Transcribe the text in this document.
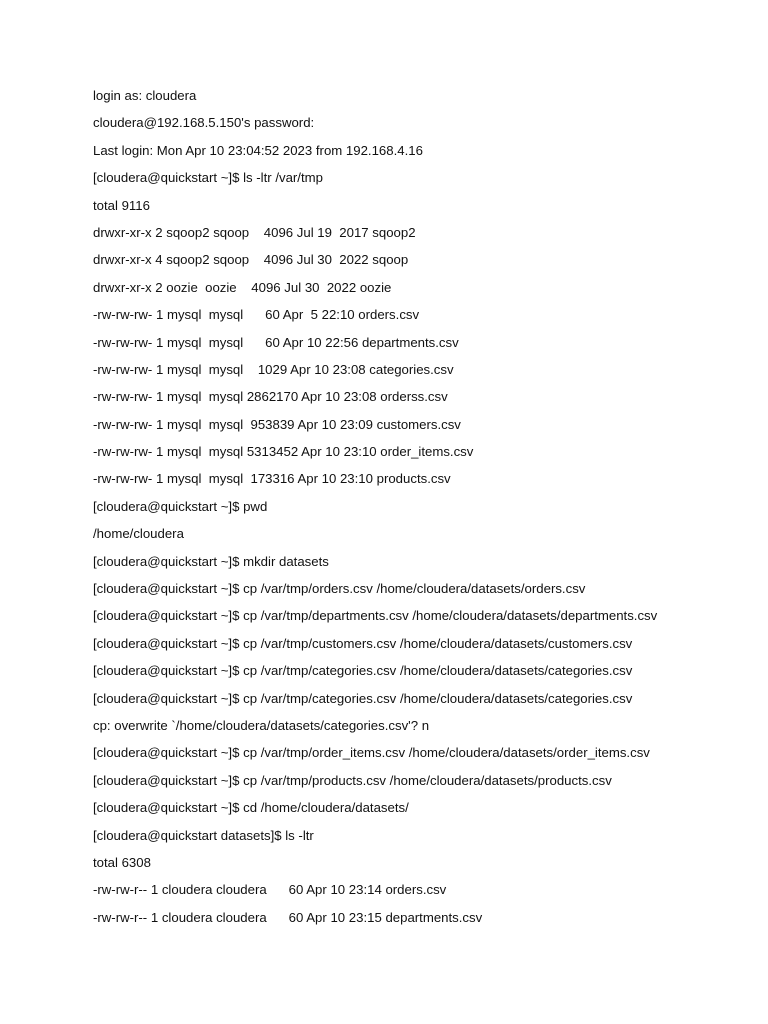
login as: cloudera
cloudera@192.168.5.150's password:
Last login: Mon Apr 10 23:04:52 2023 from 192.168.4.16
[cloudera@quickstart ~]$ ls -ltr /var/tmp
total 9116
drwxr-xr-x 2 sqoop2 sqoop    4096 Jul 19  2017 sqoop2
drwxr-xr-x 4 sqoop2 sqoop    4096 Jul 30  2022 sqoop
drwxr-xr-x 2 oozie  oozie    4096 Jul 30  2022 oozie
-rw-rw-rw- 1 mysql  mysql      60 Apr  5 22:10 orders.csv
-rw-rw-rw- 1 mysql  mysql      60 Apr 10 22:56 departments.csv
-rw-rw-rw- 1 mysql  mysql    1029 Apr 10 23:08 categories.csv
-rw-rw-rw- 1 mysql  mysql 2862170 Apr 10 23:08 orderss.csv
-rw-rw-rw- 1 mysql  mysql  953839 Apr 10 23:09 customers.csv
-rw-rw-rw- 1 mysql  mysql 5313452 Apr 10 23:10 order_items.csv
-rw-rw-rw- 1 mysql  mysql  173316 Apr 10 23:10 products.csv
[cloudera@quickstart ~]$ pwd
/home/cloudera
[cloudera@quickstart ~]$ mkdir datasets
[cloudera@quickstart ~]$ cp /var/tmp/orders.csv /home/cloudera/datasets/orders.csv
[cloudera@quickstart ~]$ cp /var/tmp/departments.csv /home/cloudera/datasets/departments.csv
[cloudera@quickstart ~]$ cp /var/tmp/customers.csv /home/cloudera/datasets/customers.csv
[cloudera@quickstart ~]$ cp /var/tmp/categories.csv /home/cloudera/datasets/categories.csv
[cloudera@quickstart ~]$ cp /var/tmp/categories.csv /home/cloudera/datasets/categories.csv
cp: overwrite `/home/cloudera/datasets/categories.csv'? n
[cloudera@quickstart ~]$ cp /var/tmp/order_items.csv /home/cloudera/datasets/order_items.csv
[cloudera@quickstart ~]$ cp /var/tmp/products.csv /home/cloudera/datasets/products.csv
[cloudera@quickstart ~]$ cd /home/cloudera/datasets/
[cloudera@quickstart datasets]$ ls -ltr
total 6308
-rw-rw-r-- 1 cloudera cloudera      60 Apr 10 23:14 orders.csv
-rw-rw-r-- 1 cloudera cloudera      60 Apr 10 23:15 departments.csv
